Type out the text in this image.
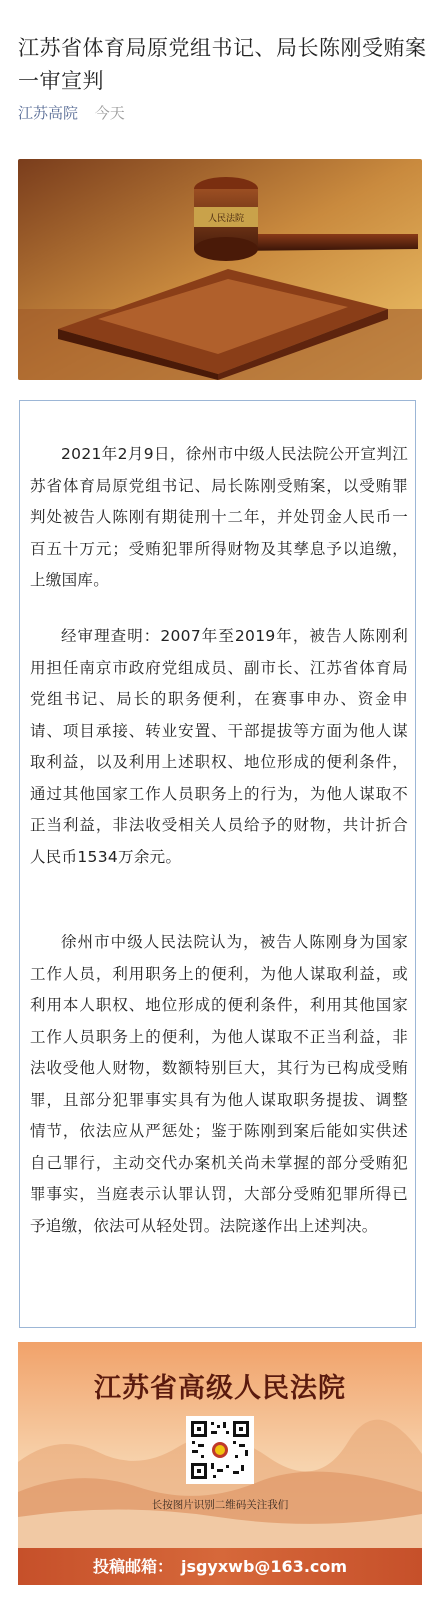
江苏省体育局原党组书记、局长陈刚受贿案一审宣判
江苏高院 今天
人民法院

2021年2月9日，徐州市中级人民法院公开宣判江苏省体育局原党组书记、局长陈刚受贿案，以受贿罪判处被告人陈刚有期徒刑十二年，并处罚金人民币一百五十万元；受贿犯罪所得财物及其孳息予以追缴，上缴国库。

经审理查明：2007年至2019年，被告人陈刚利用担任南京市政府党组成员、副市长、江苏省体育局党组书记、局长的职务便利，在赛事申办、资金申请、项目承接、转业安置、干部提拔等方面为他人谋取利益，以及利用上述职权、地位形成的便利条件，通过其他国家工作人员职务上的行为，为他人谋取不正当利益，非法收受相关人员给予的财物，共计折合人民币1534万余元。

徐州市中级人民法院认为，被告人陈刚身为国家工作人员，利用职务上的便利，为他人谋取利益，或利用本人职权、地位形成的便利条件，利用其他国家工作人员职务上的便利，为他人谋取不正当利益，非法收受他人财物，数额特别巨大，其行为已构成受贿罪，且部分犯罪事实具有为他人谋取职务提拔、调整情节，依法应从严惩处；鉴于陈刚到案后能如实供述自己罪行，主动交代办案机关尚未掌握的部分受贿犯罪事实，当庭表示认罪认罚，大部分受贿犯罪所得已予追缴，依法可从轻处罚。法院遂作出上述判决。

江苏省高级人民法院
长按图片识别二维码关注我们
投稿邮箱： jsgyxwb@163.com
